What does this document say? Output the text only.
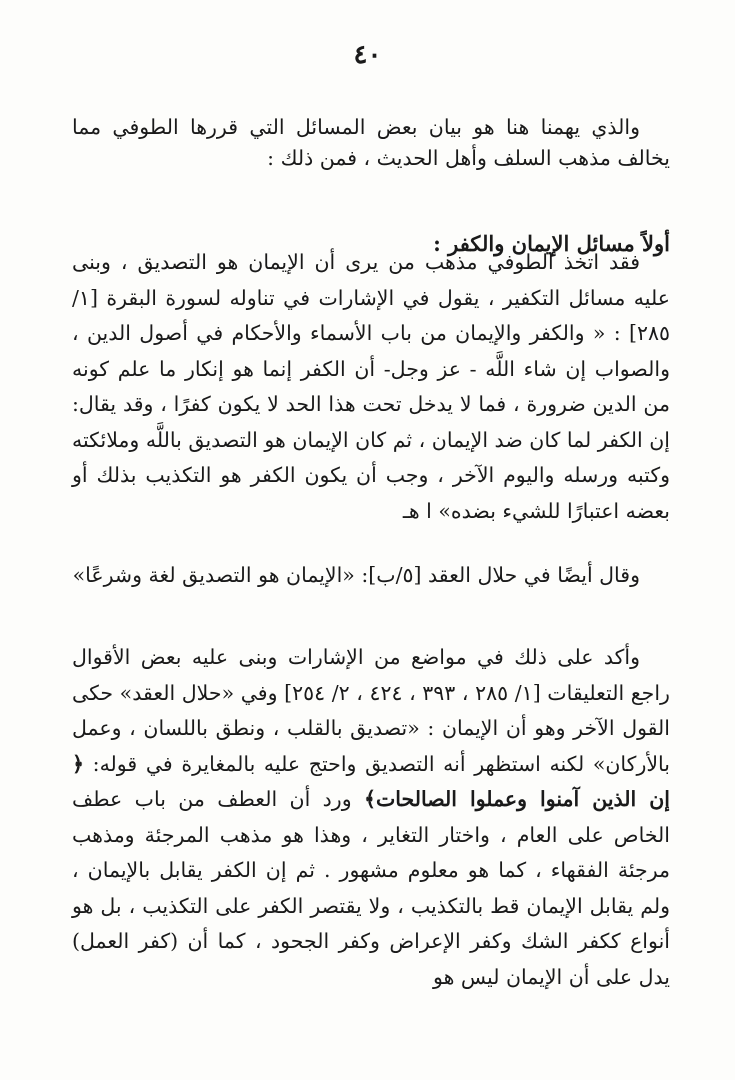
٤٠

والذي يهمنا هنا هو بيان بعض المسائل التي قررها الطوفي مما يخالف مذهب السلف وأهل الحديث ، فمن ذلك :

أولاً مسائل الإيمان والكفر :

فقد اتخذ الطوفي مذهب من يرى أن الإيمان هو التصديق ، وبنى عليه مسائل التكفير ، يقول في الإشارات في تناوله لسورة البقرة [١/ ٢٨٥] : « والكفر والإيمان من باب الأسماء والأحكام في أصول الدين ، والصواب إن شاء اللَّه - عز وجل- أن الكفر إنما هو إنكار ما علم كونه من الدين ضرورة ، فما لا يدخل تحت هذا الحد لا يكون كفرًا ، وقد يقال: إن الكفر لما كان ضد الإيمان ، ثم كان الإيمان هو التصديق باللَّه وملائكته وكتبه ورسله واليوم الآخر ، وجب أن يكون الكفر هو التكذيب بذلك أو بعضه اعتبارًا للشيء بضده» ا هـ

وقال أيضًا في حلال العقد [٥/ب]: «الإيمان هو التصديق لغة وشرعًا»

وأكد على ذلك في مواضع من الإشارات وبنى عليه بعض الأقوال راجع التعليقات [١/ ٢٨٥ ، ٣٩٣ ، ٤٢٤ ، ٢/ ٢٥٤] وفي «حلال العقد» حكى القول الآخر وهو أن الإيمان : «تصديق بالقلب ، ونطق باللسان ، وعمل بالأركان» لكنه استظهر أنه التصديق واحتج عليه بالمغايرة في قوله: ﴿ إن الذين آمنوا وعملوا الصالحات﴾ ورد أن العطف من باب عطف الخاص على العام ، واختار التغاير ، وهذا هو مذهب المرجئة ومذهب مرجئة الفقهاء ، كما هو معلوم مشهور . ثم إن الكفر يقابل بالإيمان ، ولم يقابل الإيمان قط بالتكذيب ، ولا يقتصر الكفر على التكذيب ، بل هو أنواع ككفر الشك وكفر الإعراض وكفر الجحود ، كما أن (كفر العمل) يدل على أن الإيمان ليس هو
